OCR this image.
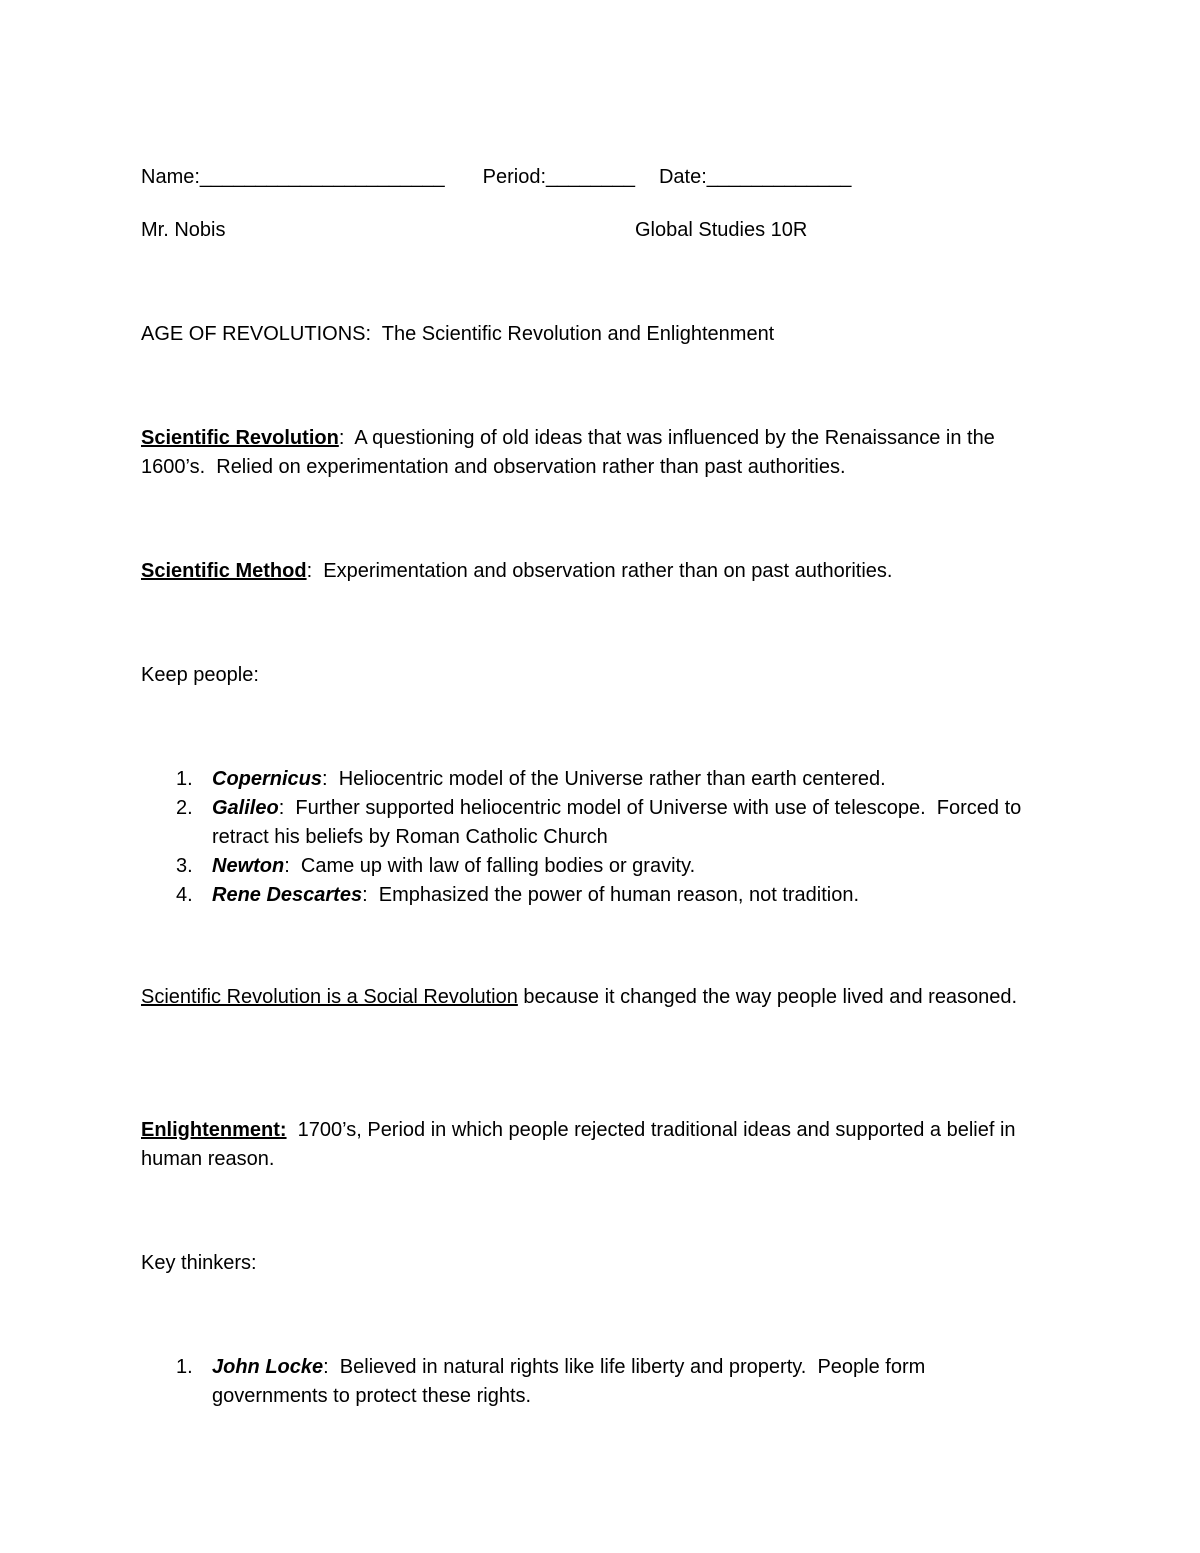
Name:______________________ Period:________ Date:_____________
Mr. Nobis	Global Studies 10R
AGE OF REVOLUTIONS:  The Scientific Revolution and Enlightenment
Scientific Revolution:  A questioning of old ideas that was influenced by the Renaissance in the 1600’s.  Relied on experimentation and observation rather than past authorities.
Scientific Method:  Experimentation and observation rather than on past authorities.
Keep people:
1. Copernicus:  Heliocentric model of the Universe rather than earth centered.
2. Galileo:  Further supported heliocentric model of Universe with use of telescope.  Forced to retract his beliefs by Roman Catholic Church
3. Newton:  Came up with law of falling bodies or gravity.
4. Rene Descartes:  Emphasized the power of human reason, not tradition.
Scientific Revolution is a Social Revolution because it changed the way people lived and reasoned.
Enlightenment:  1700’s, Period in which people rejected traditional ideas and supported a belief in human reason.
Key thinkers:
1. John Locke:  Believed in natural rights like life liberty and property.  People form governments to protect these rights.
